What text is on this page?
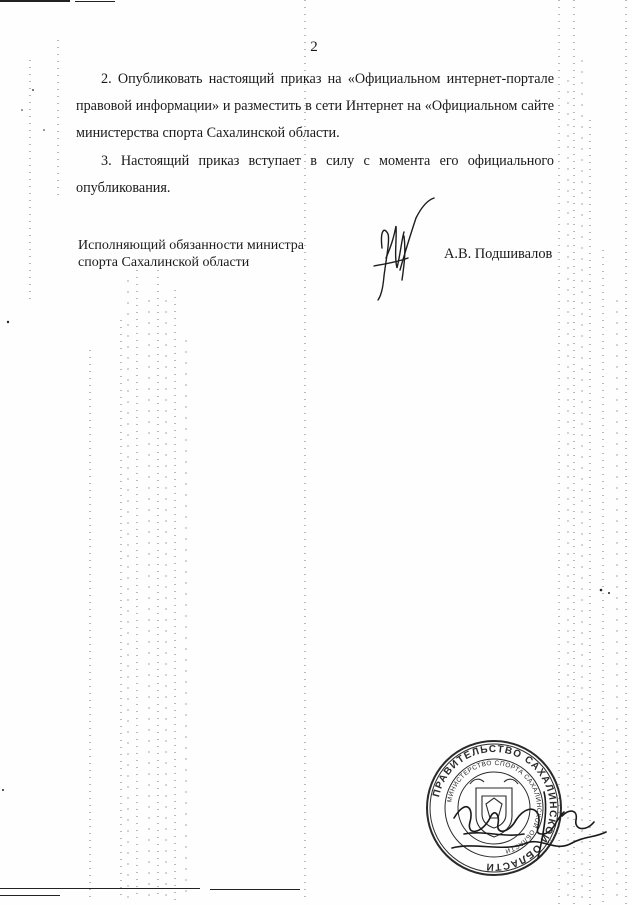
2

2. Опубликовать настоящий приказ на «Официальном интернет-портале правовой информации» и разместить в сети Интернет на «Официальном сайте министерства спорта Сахалинской области.

3. Настоящий приказ вступает в силу с момента его официального опубликования.

Исполняющий обязанности министра спорта Сахалинской области
А.В. Подшивалов
ПРАВИТЕЛЬСТВО САХАЛИНСКОЙ ОБЛАСТИ
МИНИСТЕРСТВО СПОРТА САХАЛИНСКОЙ ОБЛАСТИ
